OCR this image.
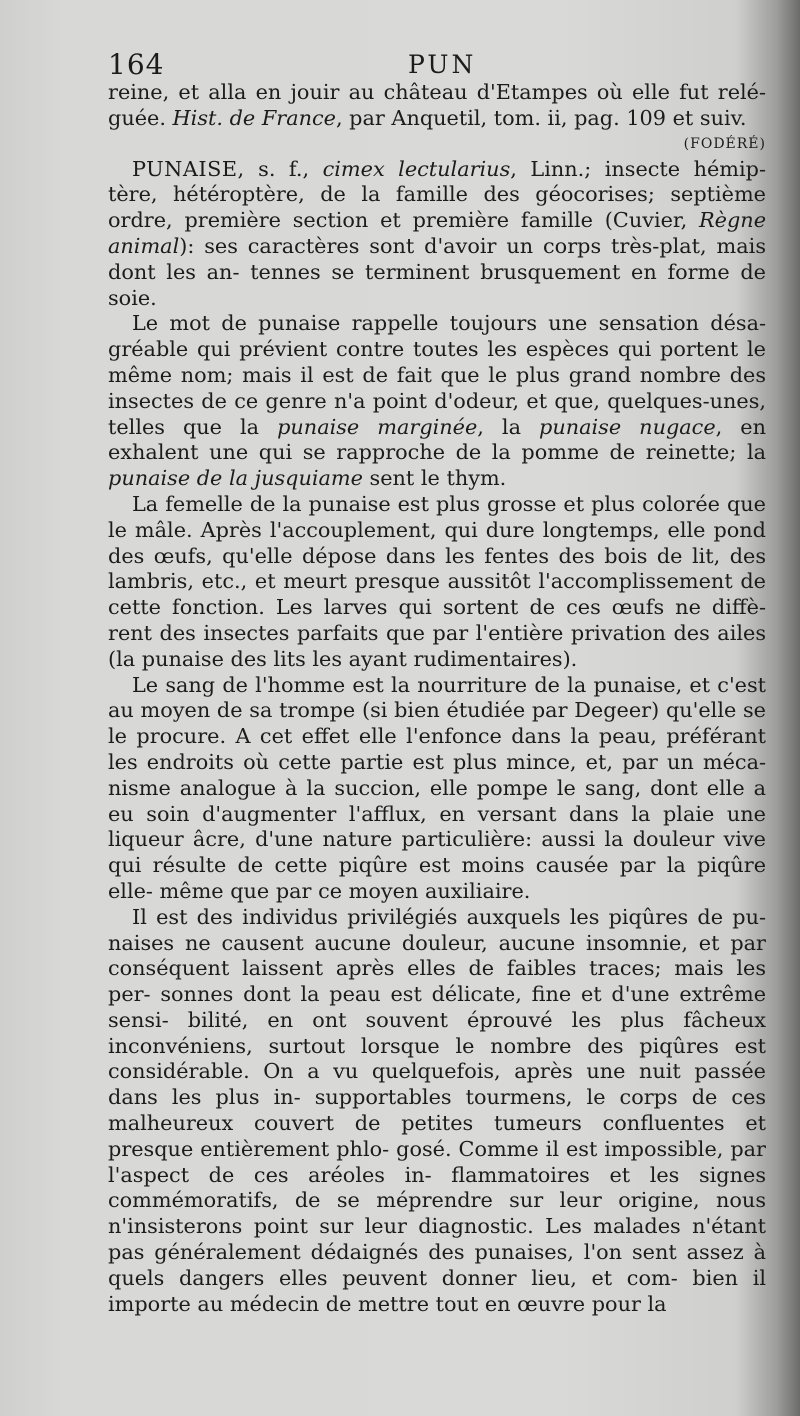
164	PUN

reine, et alla en jouir au château d'Etampes où elle fut relé- guée. Hist. de France, par Anquetil, tom. ii, pag. 109 et suiv.

(FODÉRÉ)

PUNAISE, s. f., cimex lectularius, Linn.; insecte hémip- tère, hétéroptère, de la famille des géocorises; septième ordre, première section et première famille (Cuvier, Règne animal): ses caractères sont d'avoir un corps très-plat, mais dont les an- tennes se terminent brusquement en forme de soie.

Le mot de punaise rappelle toujours une sensation désa- gréable qui prévient contre toutes les espèces qui portent le même nom; mais il est de fait que le plus grand nombre des insectes de ce genre n'a point d'odeur, et que, quelques-unes, telles que la punaise marginée, la punaise nugace, en exhalent une qui se rapproche de la pomme de reinette; la punaise de la jusquiame sent le thym.

La femelle de la punaise est plus grosse et plus colorée que le mâle. Après l'accouplement, qui dure longtemps, elle pond des œufs, qu'elle dépose dans les fentes des bois de lit, des lambris, etc., et meurt presque aussitôt l'accomplissement de cette fonction. Les larves qui sortent de ces œufs ne diffè- rent des insectes parfaits que par l'entière privation des ailes (la punaise des lits les ayant rudimentaires).

Le sang de l'homme est la nourriture de la punaise, et c'est au moyen de sa trompe (si bien étudiée par Degeer) qu'elle se le procure. A cet effet elle l'enfonce dans la peau, préférant les endroits où cette partie est plus mince, et, par un méca- nisme analogue à la succion, elle pompe le sang, dont elle a eu soin d'augmenter l'afflux, en versant dans la plaie une liqueur âcre, d'une nature particulière: aussi la douleur vive qui résulte de cette piqûre est moins causée par la piqûre elle- même que par ce moyen auxiliaire.

Il est des individus privilégiés auxquels les piqûres de pu- naises ne causent aucune douleur, aucune insomnie, et par conséquent laissent après elles de faibles traces; mais les per- sonnes dont la peau est délicate, fine et d'une extrême sensi- bilité, en ont souvent éprouvé les plus fâcheux inconvéniens, surtout lorsque le nombre des piqûres est considérable. On a vu quelquefois, après une nuit passée dans les plus in- supportables tourmens, le corps de ces malheureux couvert de petites tumeurs confluentes et presque entièrement phlo- gosé. Comme il est impossible, par l'aspect de ces aréoles in- flammatoires et les signes commémoratifs, de se méprendre sur leur origine, nous n'insisterons point sur leur diagnostic. Les malades n'étant pas généralement dédaignés des punaises, l'on sent assez à quels dangers elles peuvent donner lieu, et com- bien il importe au médecin de mettre tout en œuvre pour la
